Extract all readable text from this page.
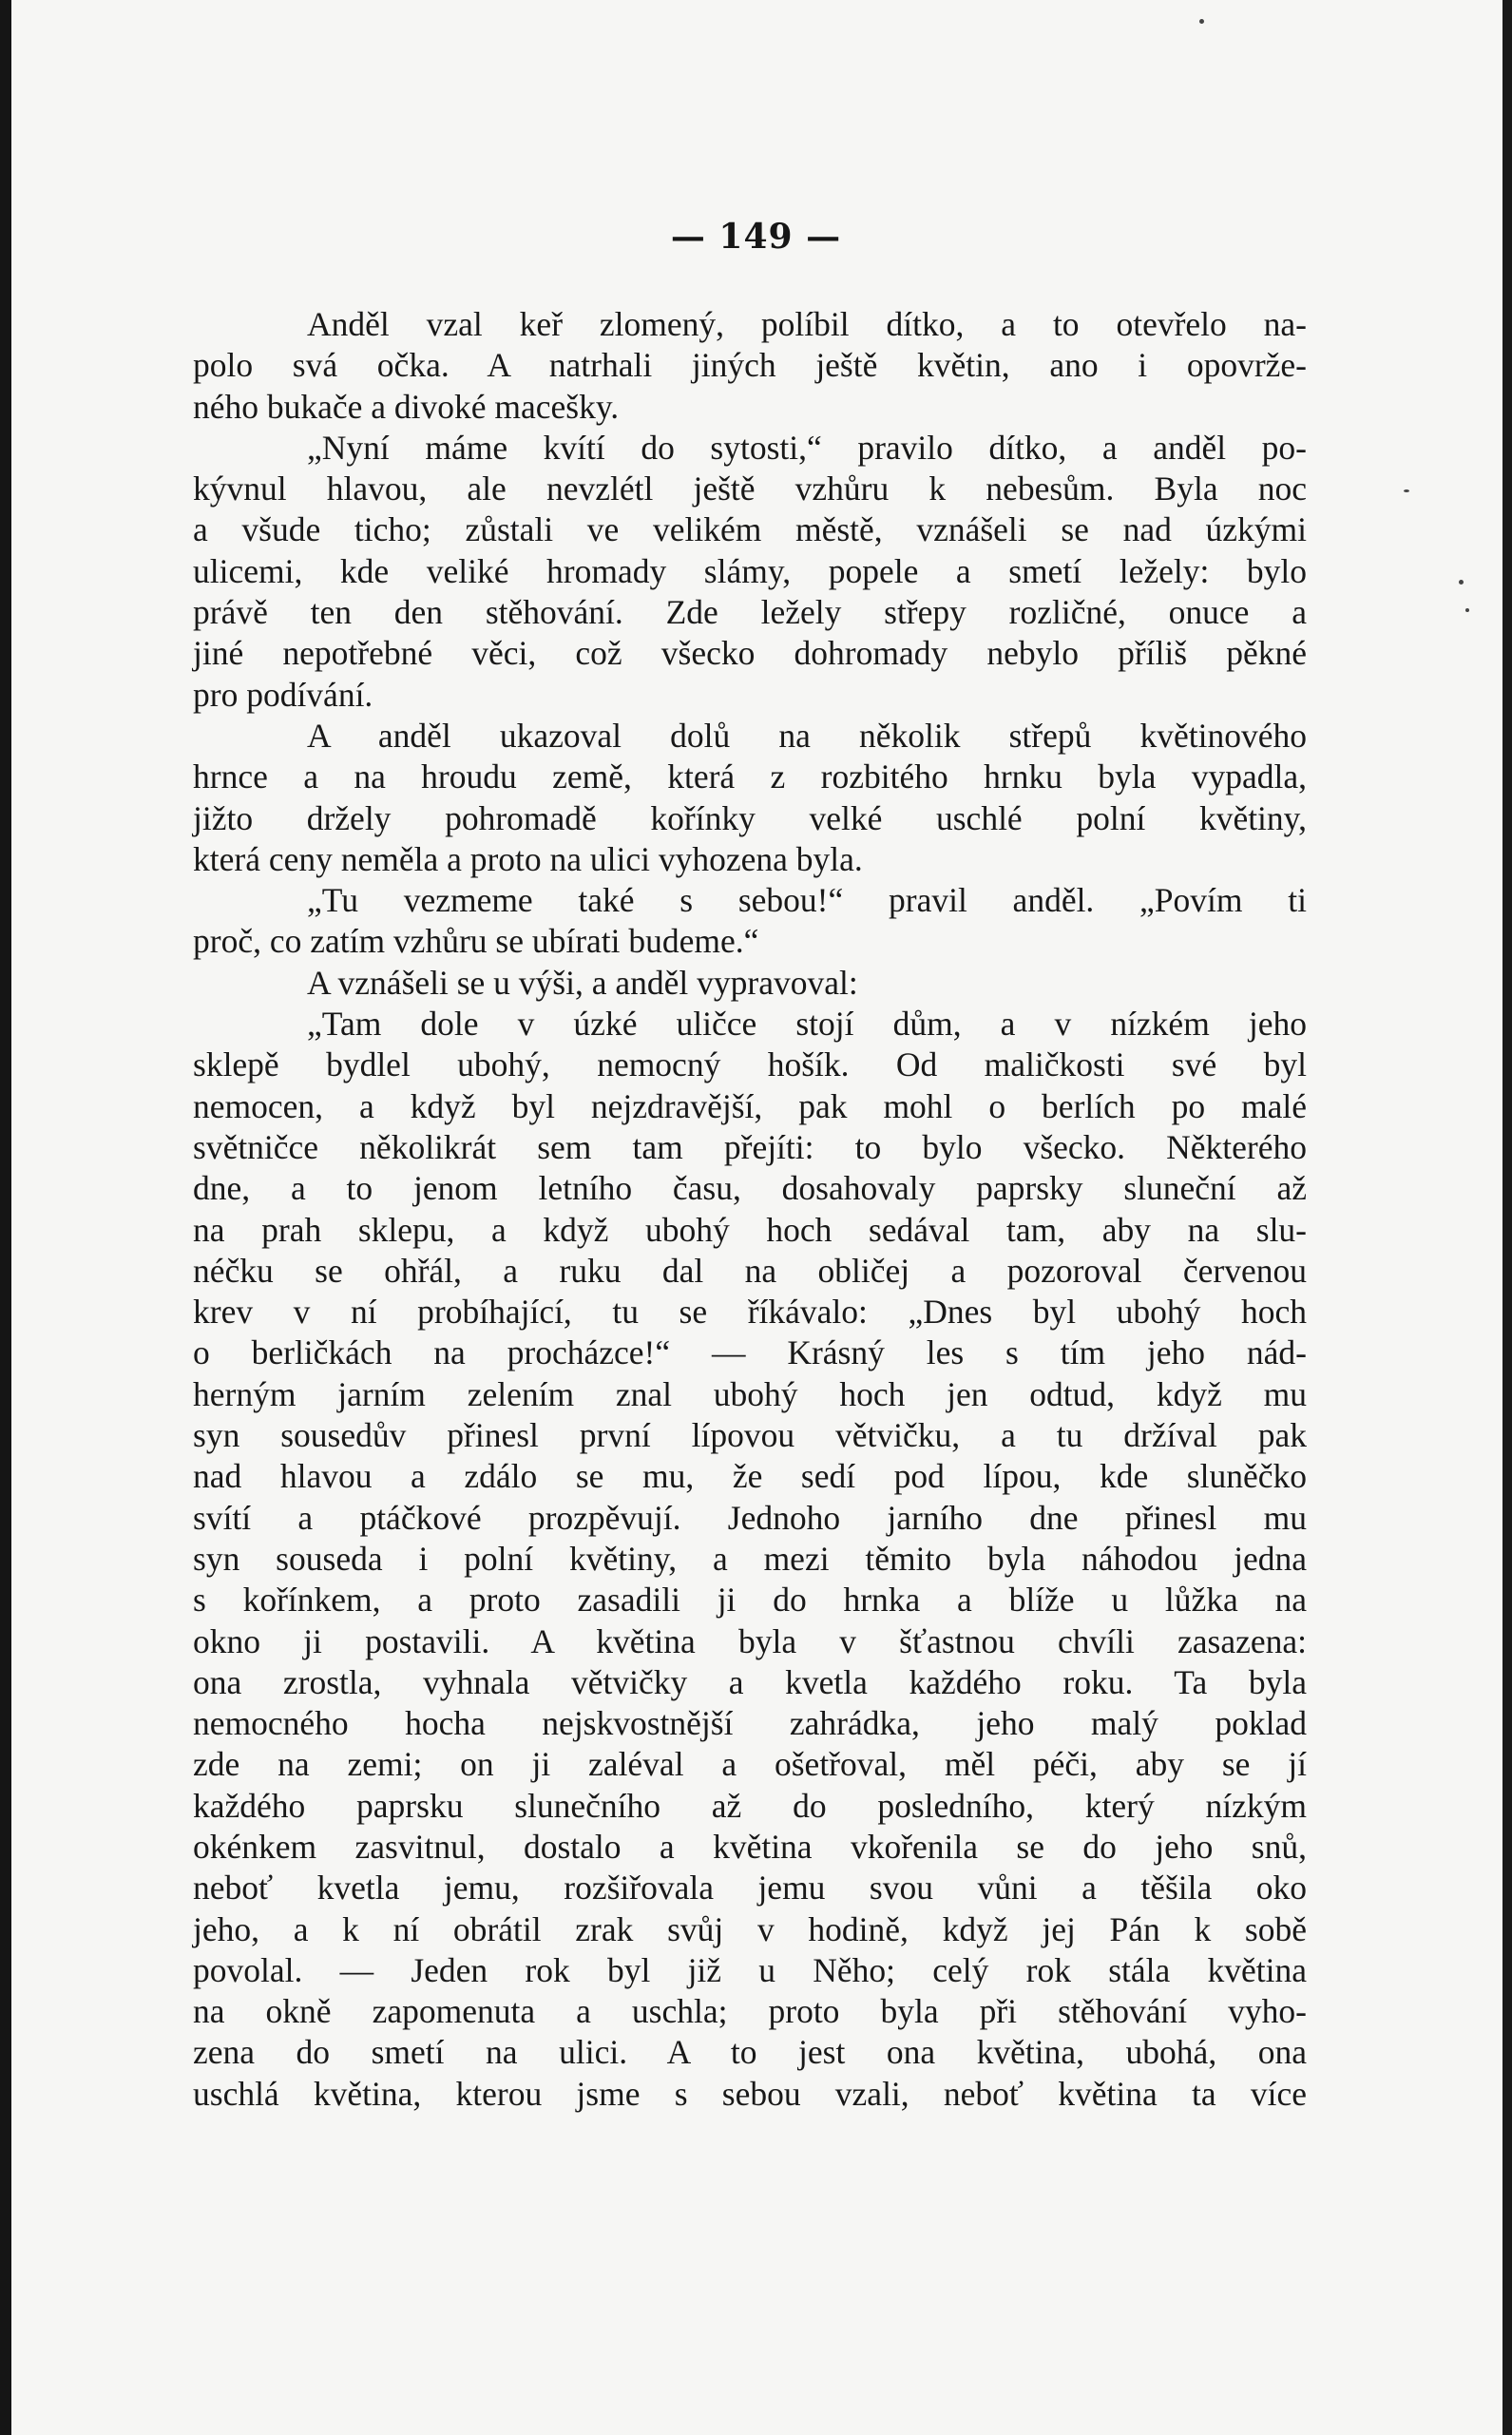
— 149 —
Anděl vzal keř zlomený, políbil dítko, a to otevřelo na-
polo svá očka. A natrhali jiných ještě květin, ano i opovrže-
ného bukače a divoké macešky.
„Nyní máme kvítí do sytosti,“ pravilo dítko, a anděl po-
kývnul hlavou, ale nevzlétl ještě vzhůru k nebesům. Byla noc
a všude ticho; zůstali ve velikém městě, vznášeli se nad úzkými
ulicemi, kde veliké hromady slámy, popele a smetí ležely: bylo
právě ten den stěhování. Zde ležely střepy rozličné, onuce a
jiné nepotřebné věci, což všecko dohromady nebylo příliš pěkné
pro podívání.
A anděl ukazoval dolů na několik střepů květinového
hrnce a na hroudu země, která z rozbitého hrnku byla vypadla,
jižto držely pohromadě kořínky velké uschlé polní květiny,
která ceny neměla a proto na ulici vyhozena byla.
„Tu vezmeme také s sebou!“ pravil anděl. „Povím ti
proč, co zatím vzhůru se ubírati budeme.“
A vznášeli se u výši, a anděl vypravoval:
„Tam dole v úzké uličce stojí dům, a v nízkém jeho
sklepě bydlel ubohý, nemocný hošík. Od maličkosti své byl
nemocen, a když byl nejzdravější, pak mohl o berlích po malé
světničce několikrát sem tam přejíti: to bylo všecko. Některého
dne, a to jenom letního času, dosahovaly paprsky sluneční až
na prah sklepu, a když ubohý hoch sedával tam, aby na slu-
néčku se ohřál, a ruku dal na obličej a pozoroval červenou
krev v ní probíhající, tu se říkávalo: „Dnes byl ubohý hoch
o berličkách na procházce!“ — Krásný les s tím jeho nád-
herným jarním zelením znal ubohý hoch jen odtud, když mu
syn sousedův přinesl první lípovou větvičku, a tu držíval pak
nad hlavou a zdálo se mu, že sedí pod lípou, kde sluněčko
svítí a ptáčkové prozpěvují. Jednoho jarního dne přinesl mu
syn souseda i polní květiny, a mezi těmito byla náhodou jedna
s kořínkem, a proto zasadili ji do hrnka a blíže u lůžka na
okno ji postavili. A květina byla v šťastnou chvíli zasazena:
ona zrostla, vyhnala větvičky a kvetla každého roku. Ta byla
nemocného hocha nejskvostnější zahrádka, jeho malý poklad
zde na zemi; on ji zaléval a ošetřoval, měl péči, aby se jí
každého paprsku slunečního až do posledního, který nízkým
okénkem zasvitnul, dostalo a květina vkořenila se do jeho snů,
neboť kvetla jemu, rozšiřovala jemu svou vůni a těšila oko
jeho, a k ní obrátil zrak svůj v hodině, když jej Pán k sobě
povolal. — Jeden rok byl již u Něho; celý rok stála květina
na okně zapomenuta a uschla; proto byla při stěhování vyho-
zena do smetí na ulici. A to jest ona květina, ubohá, ona
uschlá květina, kterou jsme s sebou vzali, neboť květina ta více
